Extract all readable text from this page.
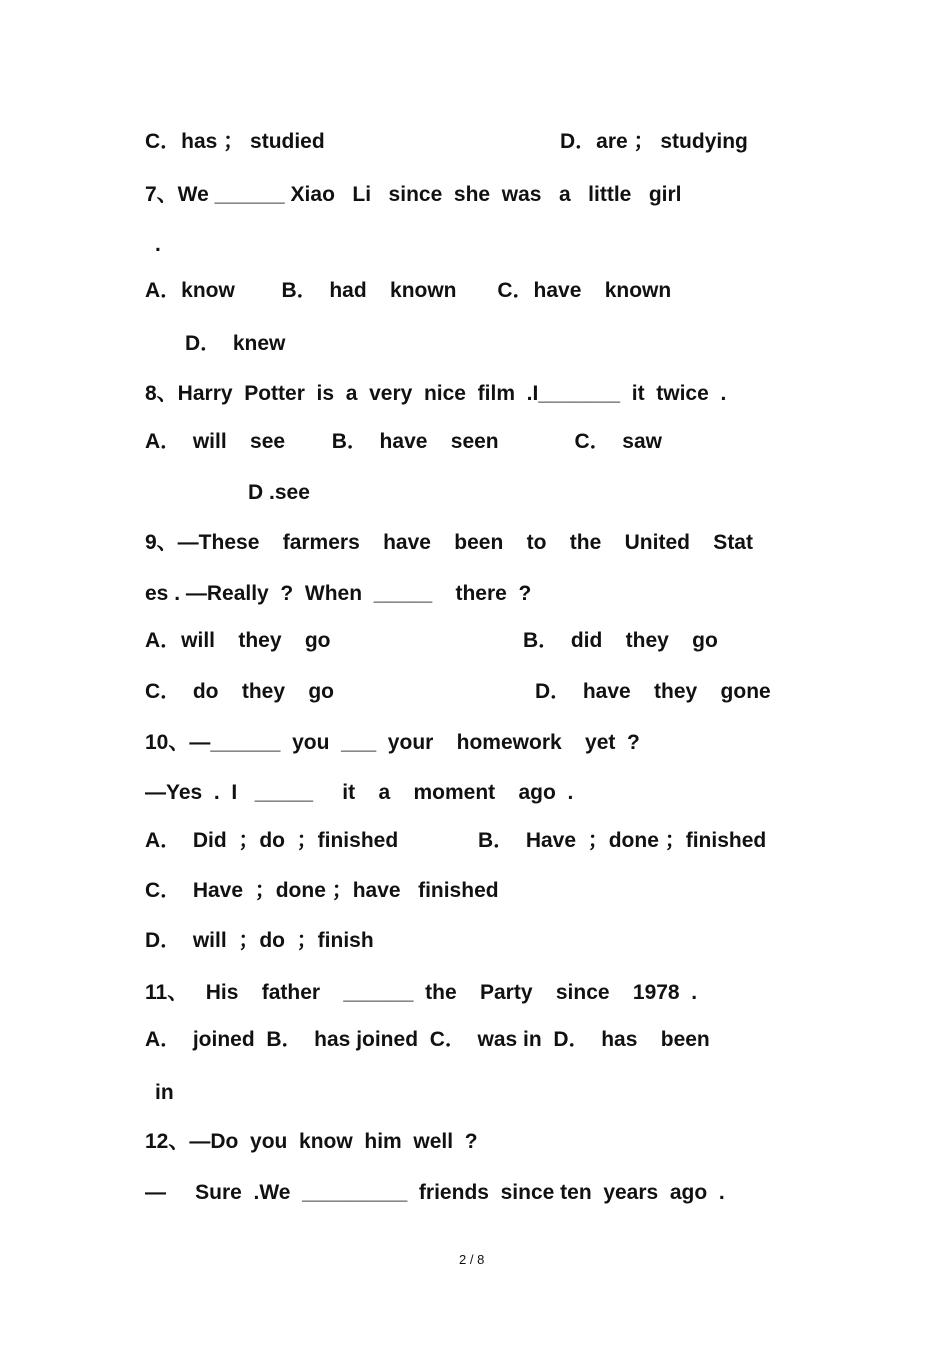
C．has ； studied	D．are ； studying
7、We ______ Xiao   Li   since  she  was   a   little   girl
.
A．know        B．  had    known       C．have    known
D．  knew
8、Harry  Potter  is  a  very  nice  film  .I_______  it  twice  .
A．  will    see        B．  have    seen             C．  saw
D .see
9、—These    farmers    have    been    to    the    United    Stat
es . —Really  ?  When  _____    there  ?
A．will    they    go	B．  did    they    go
C．  do    they    go	D．  have    they    gone
10、—______  you  ___  your    homework    yet  ?
—Yes  .  I   _____     it    a    moment    ago  .
A．  Did  ；do  ；finished	B．  Have  ；done ；finished
C．  Have  ；done ；have   finished
D．  will  ；do  ；finish
11、   His    father    ______  the    Party    since    1978  .
A．  joined  B．  has joined  C．  was in  D．  has    been
in
12、—Do  you  know  him  well  ?
—     Sure  .We  _________  friends  since ten  years  ago  .
2 / 8
